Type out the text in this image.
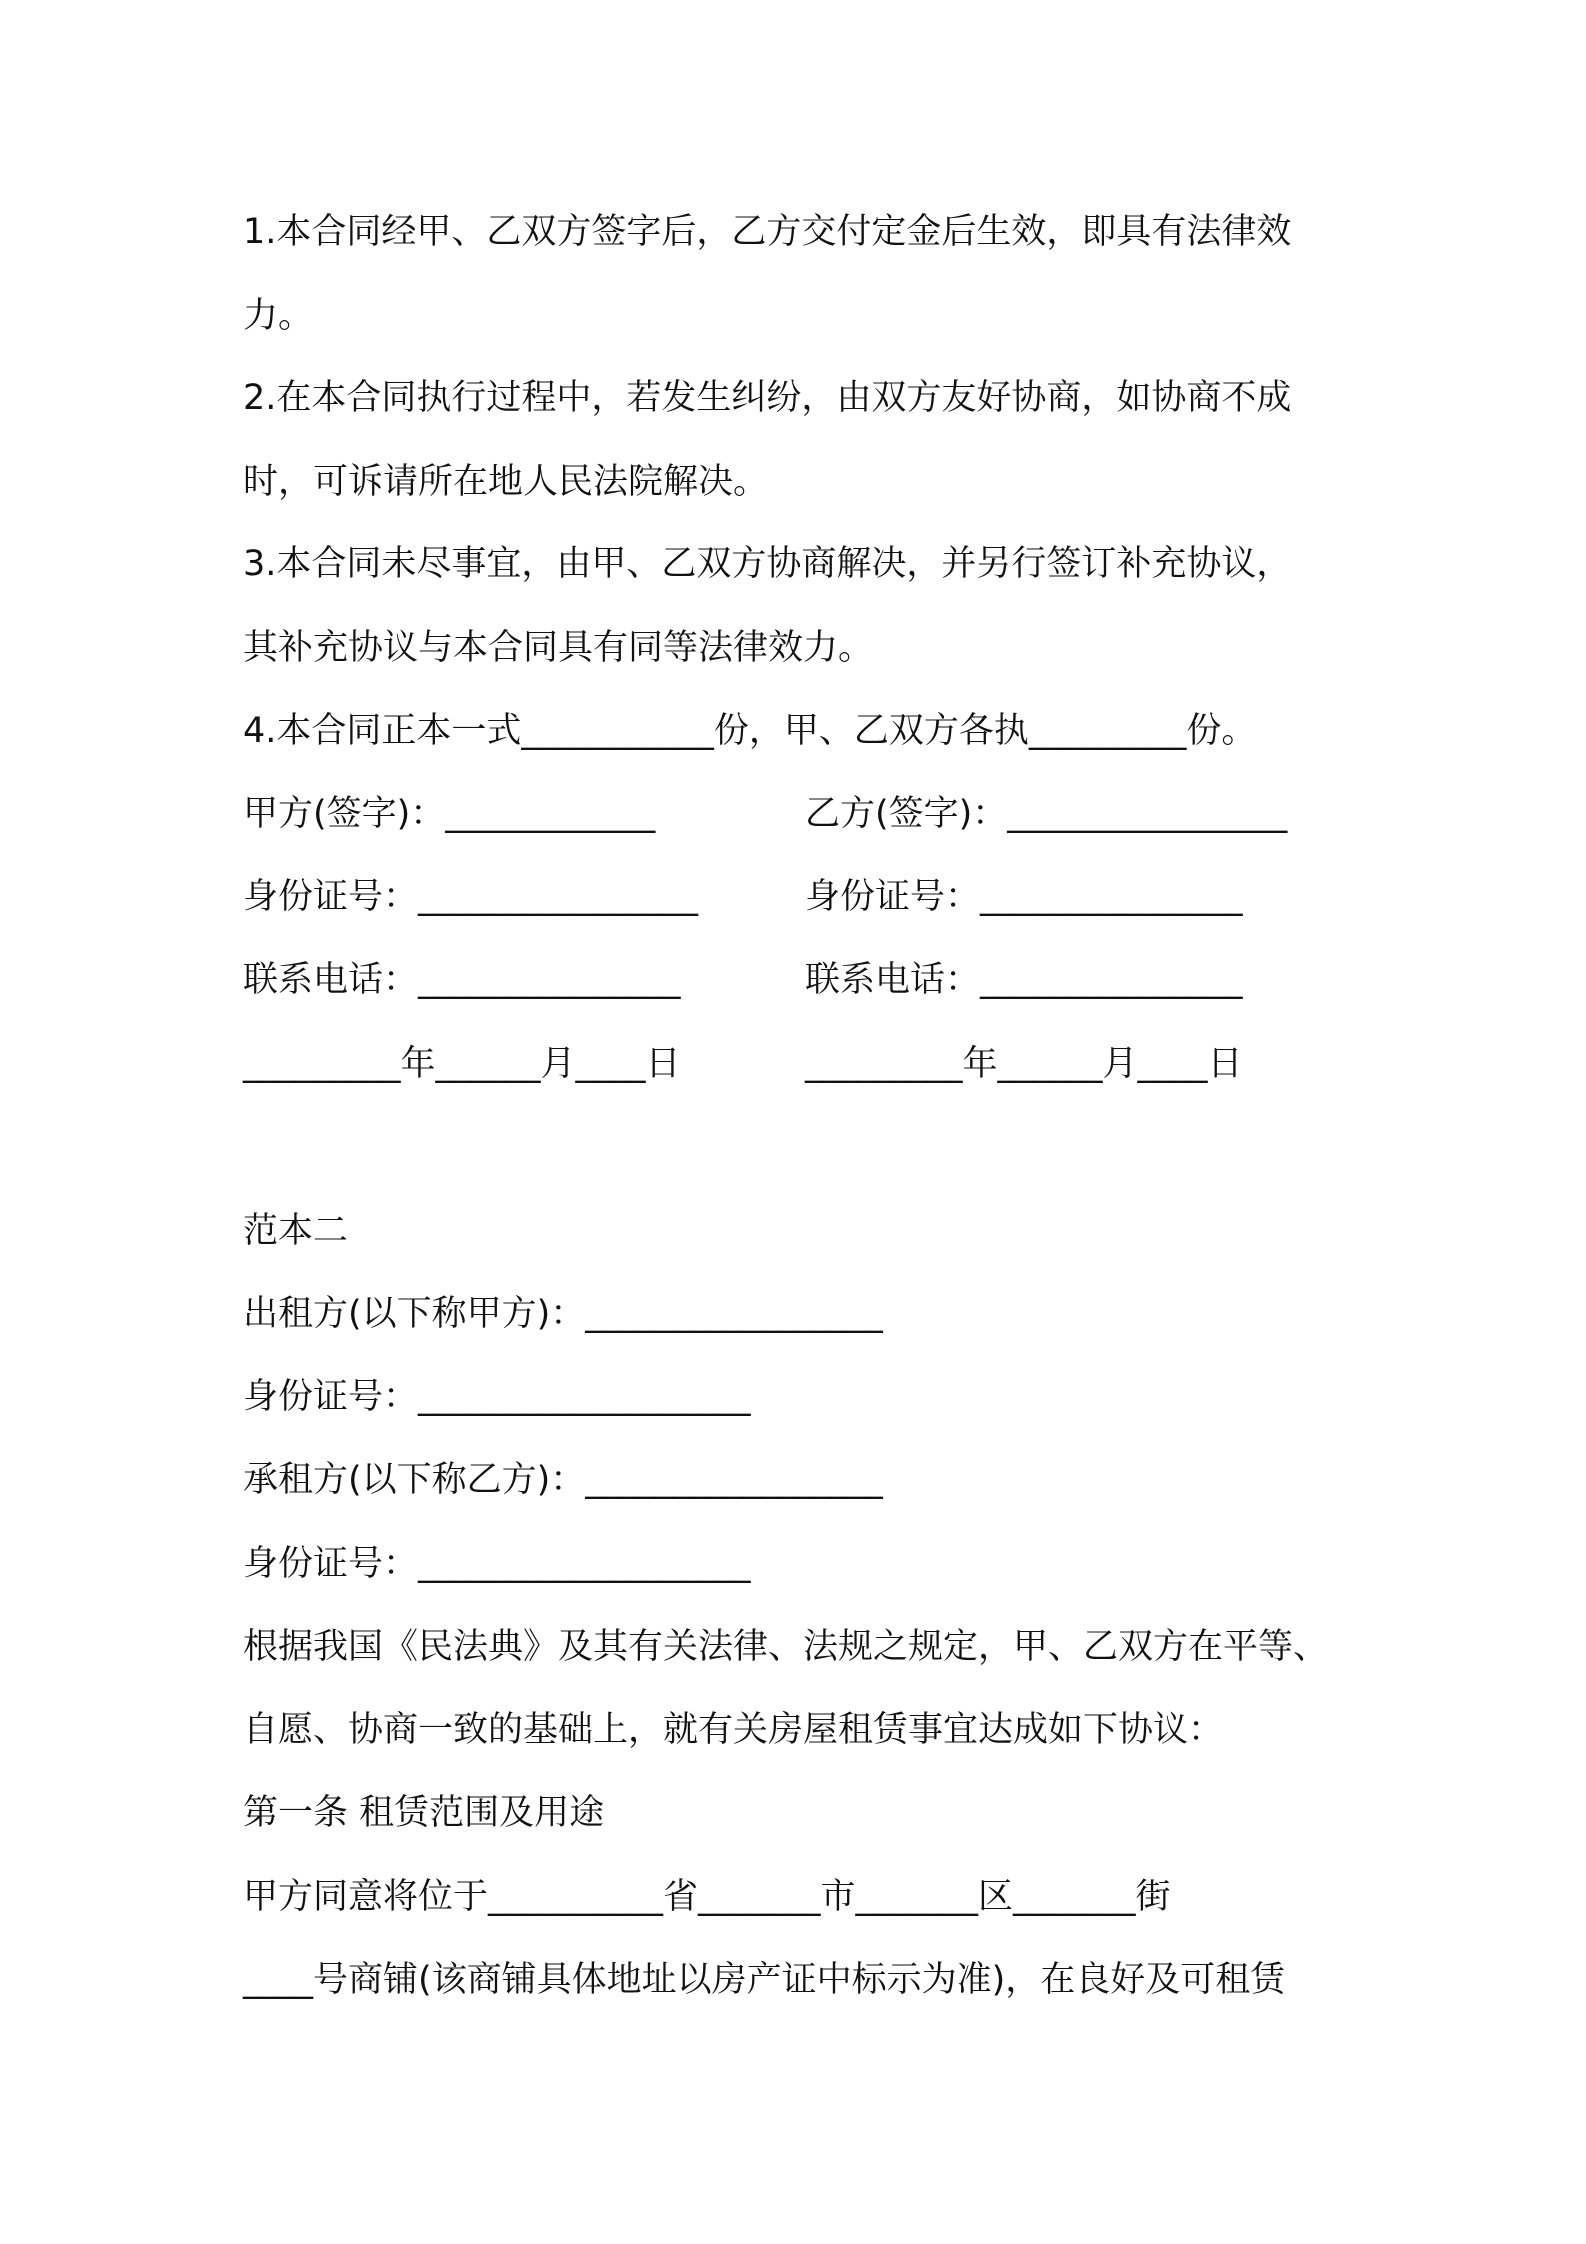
1.本合同经甲、乙双方签字后，乙方交付定金后生效，即具有法律效

力。

2.在本合同执行过程中，若发生纠纷，由双方友好协商，如协商不成

时，可诉请所在地人民法院解决。

3.本合同未尽事宜，由甲、乙双方协商解决，并另行签订补充协议，

其补充协议与本合同具有同等法律效力。

4.本合同正本一式___________份，甲、乙双方各执_________份。

甲方(签字)：____________	乙方(签字)：________________

身份证号：________________	身份证号：_______________

联系电话：_______________	联系电话：_______________

_________年______月____日	_________年______月____日

范本二

出租方(以下称甲方)：_________________

身份证号：___________________

承租方(以下称乙方)：_________________

身份证号：___________________

根据我国《民法典》及其有关法律、法规之规定，甲、乙双方在平等、

自愿、协商一致的基础上，就有关房屋租赁事宜达成如下协议：

第一条 租赁范围及用途

甲方同意将位于__________省_______市_______区_______街

____号商铺(该商铺具体地址以房产证中标示为准)，在良好及可租赁
